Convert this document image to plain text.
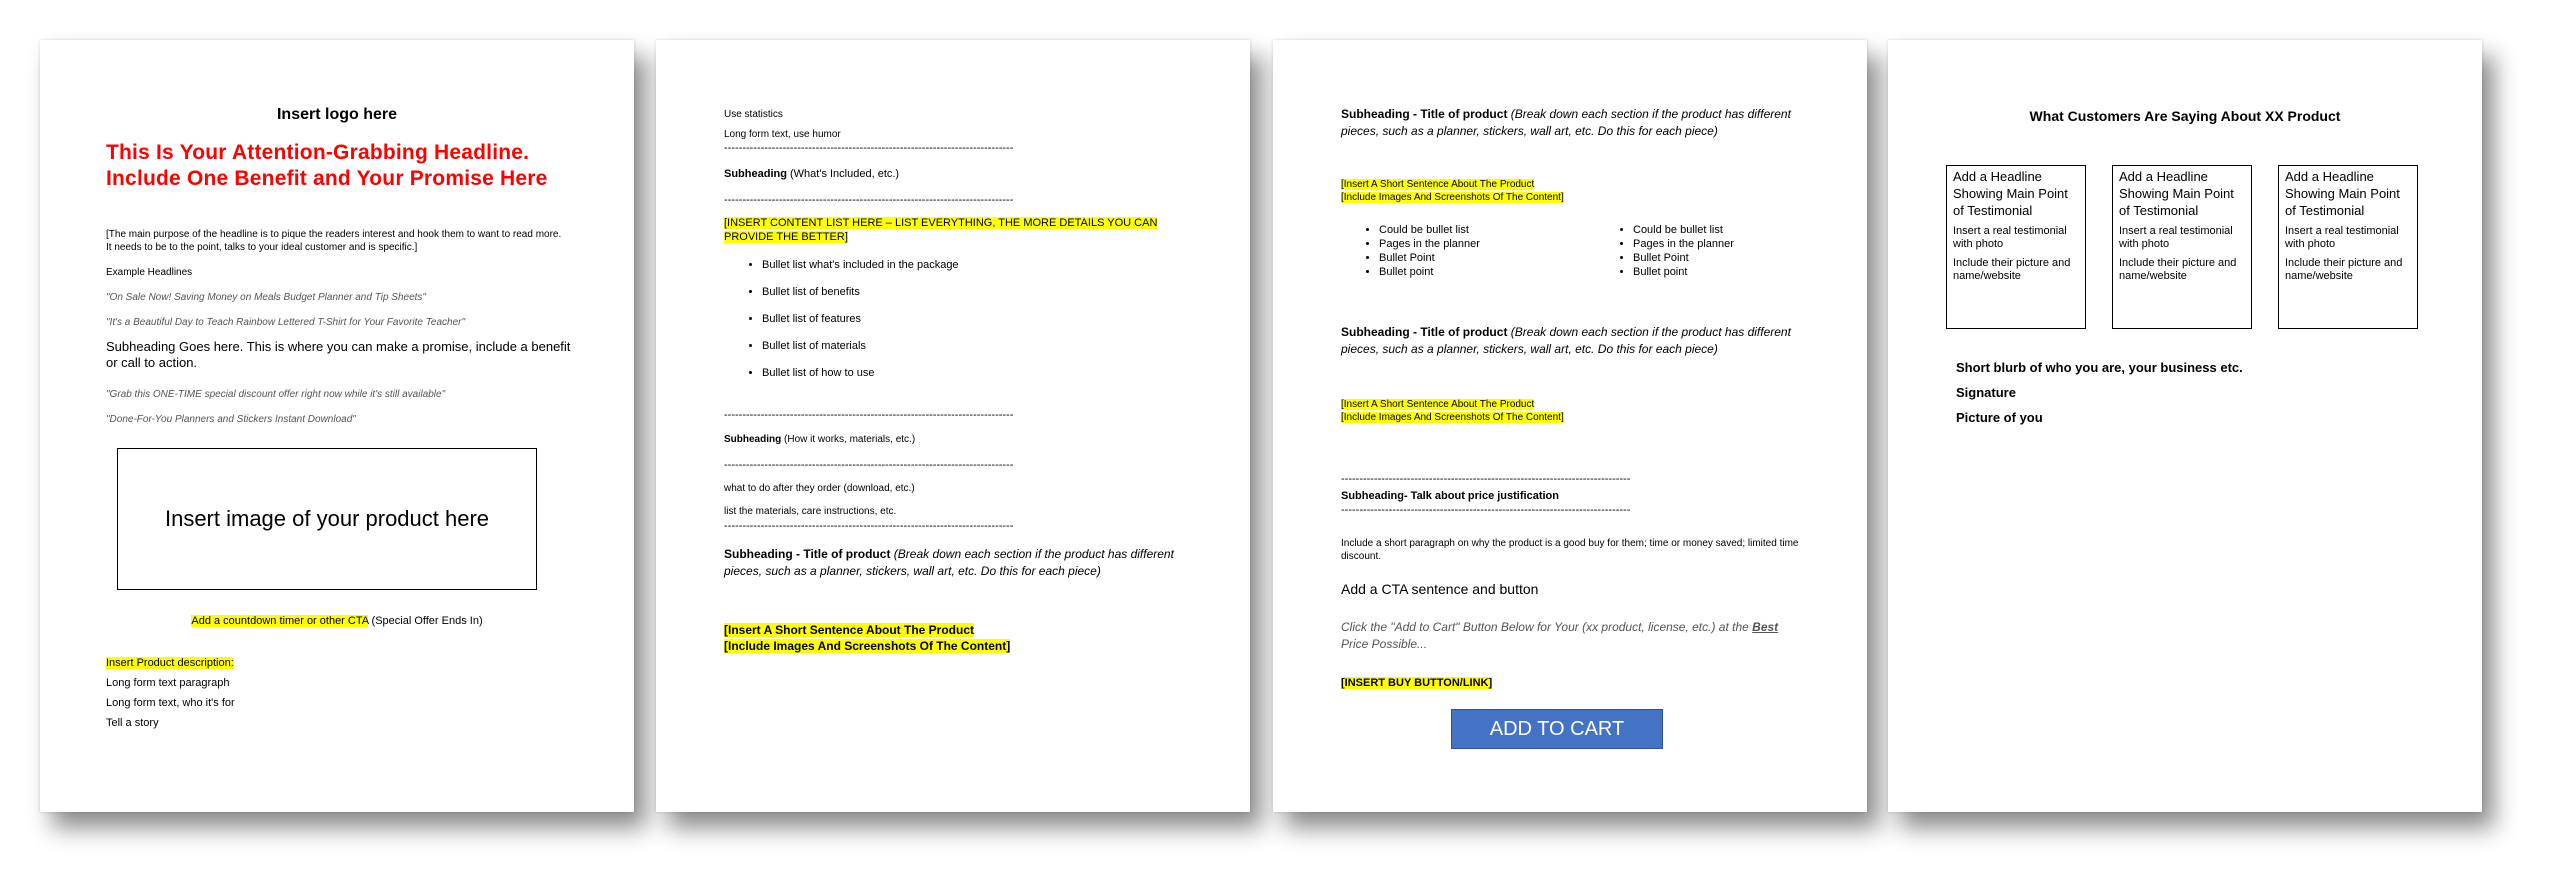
Insert logo here
This Is Your Attention-Grabbing Headline. Include One Benefit and Your Promise Here
[The main purpose of the headline is to pique the readers interest and hook them to want to read more. It needs to be to the point, talks to your ideal customer and is specific.]
Example Headlines
"On Sale Now! Saving Money on Meals Budget Planner and Tip Sheets"
"It's a Beautiful Day to Teach Rainbow Lettered T-Shirt for Your Favorite Teacher"
Subheading Goes here. This is where you can make a promise, include a benefit or call to action.
"Grab this ONE-TIME special discount offer right now while it's still available"
"Done-For-You Planners and Stickers Instant Download"
Insert image of your product here
Add a countdown timer or other CTA (Special Offer Ends In)
Insert Product description:
Long form text paragraph
Long form text, who it's for
Tell a story
Use statistics
Long form text, use humor
-------------------------------------------------------------------------------
Subheading (What's Included, etc.)
-------------------------------------------------------------------------------
[INSERT CONTENT LIST HERE – LIST EVERYTHING, THE MORE DETAILS YOU CAN PROVIDE THE BETTER]
• Bullet list what's included in the package
• Bullet list of benefits
• Bullet list of features
• Bullet list of materials
• Bullet list of how to use
-------------------------------------------------------------------------------
Subheading (How it works, materials, etc.)
-------------------------------------------------------------------------------
what to do after they order (download, etc.)
list the materials, care instructions, etc.
-------------------------------------------------------------------------------
Subheading - Title of product (Break down each section if the product has different pieces, such as a planner, stickers, wall art, etc. Do this for each piece)
[Insert A Short Sentence About The Product
[Include Images And Screenshots Of The Content]
Subheading - Title of product (Break down each section if the product has different pieces, such as a planner, stickers, wall art, etc. Do this for each piece)
[Insert A Short Sentence About The Product
[Include Images And Screenshots Of The Content]
• Could be bullet list
• Pages in the planner
• Bullet Point
• Bullet point
• Could be bullet list
• Pages in the planner
• Bullet Point
• Bullet point
Subheading - Title of product (Break down each section if the product has different pieces, such as a planner, stickers, wall art, etc. Do this for each piece)
[Insert A Short Sentence About The Product
[Include Images And Screenshots Of The Content]
-------------------------------------------------------------------------------
Subheading- Talk about price justification
-------------------------------------------------------------------------------
Include a short paragraph on why the product is a good buy for them; time or money saved; limited time discount.
Add a CTA sentence and button
Click the "Add to Cart" Button Below for Your (xx product, license, etc.) at the Best Price Possible...
[INSERT BUY BUTTON/LINK]
ADD TO CART
What Customers Are Saying About XX Product
Add a Headline Showing Main Point of Testimonial
Insert a real testimonial with photo
Include their picture and name/website
Add a Headline Showing Main Point of Testimonial
Insert a real testimonial with photo
Include their picture and name/website
Add a Headline Showing Main Point of Testimonial
Insert a real testimonial with photo
Include their picture and name/website
Short blurb of who you are, your business etc.
Signature
Picture of you
